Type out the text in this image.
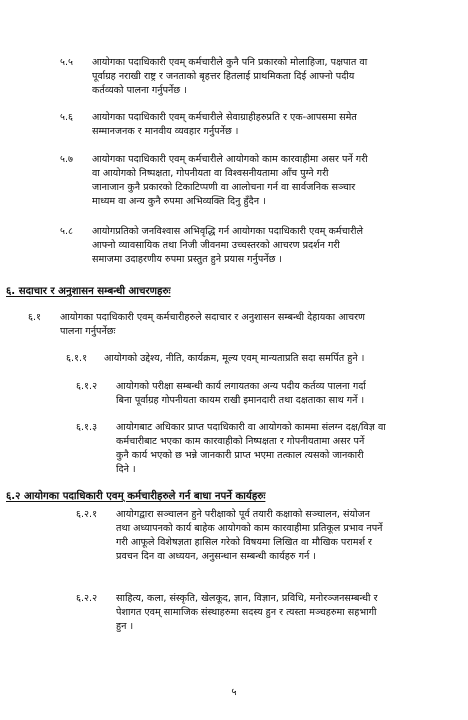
५.५ आयोगका पदाधिकारी एवम् कर्मचारीले कुनै पनि प्रकारको मोलाहिजा, पक्षपात वा
पूर्वाग्रह नराखी राष्ट्र र जनताको बृहत्तर हितलाई प्राथमिकता दिई आफ्नो पदीय
कर्तव्यको पालना गर्नुपर्नेछ ।
५.६ आयोगका पदाधिकारी एवम् कर्मचारीले सेवाग्राहीहरुप्रति र एक-आपसमा समेत
सम्मानजनक र मानवीय व्यवहार गर्नुपर्नेछ ।
५.७ आयोगका पदाधिकारी एवम् कर्मचारीले आयोगको काम कारवाहीमा असर पर्ने गरी
वा आयोगको निष्पक्षता, गोपनीयता वा विश्वसनीयतामा आँच पुग्ने गरी
जानाजान कुनै प्रकारको टिकाटिप्पणी वा आलोचना गर्न वा सार्वजनिक सञ्चार
माध्यम वा अन्य कुनै रुपमा अभिव्यक्ति दिनु हुँदैन ।
५.८ आयोगप्रतिको जनविश्वास अभिवृद्धि गर्न आयोगका पदाधिकारी एवम् कर्मचारीले
आफ्नो व्यावसायिक तथा निजी जीवनमा उच्चस्तरको आचरण प्रदर्शन गरी
समाजमा उदाहरणीय रुपमा प्रस्तुत हुने प्रयास गर्नुपर्नेछ ।
६. सदाचार र अनुशासन सम्बन्धी आचरणहरुः
६.१ आयोगका पदाधिकारी एवम् कर्मचारीहरुले सदाचार र अनुशासन सम्बन्धी देहायका आचरण
पालना गर्नुपर्नेछः
६.१.१ आयोगको उद्देश्य, नीति, कार्यक्रम, मूल्य एवम् मान्यताप्रति सदा समर्पित हुने ।
६.१.२ आयोगको परीक्षा सम्बन्धी कार्य लगायतका अन्य पदीय कर्तव्य पालना गर्दा
बिना पूर्वाग्रह गोपनीयता कायम राखी इमानदारी तथा दक्षताका साथ गर्ने ।
६.१.३ आयोगबाट अधिकार प्राप्त पदाधिकारी वा आयोगको काममा संलग्न दक्ष/विज्ञ वा
कर्मचारीबाट भएका काम कारवाहीको निष्पक्षता र गोपनीयतामा असर पर्ने
कुनै कार्य भएको छ भन्ने जानकारी प्राप्त भएमा तत्काल त्यसको जानकारी
दिने ।
६.२ आयोगका पदाधिकारी एवम् कर्मचारीहरुले गर्न बाधा नपर्ने कार्यहरुः
६.२.१ आयोगद्वारा सञ्चालन हुने परीक्षाको पूर्व तयारी कक्षाको सञ्चालन, संयोजन
तथा अध्यापनको कार्य बाहेक आयोगको काम कारवाहीमा प्रतिकूल प्रभाव नपर्ने
गरी आफूले विशेषज्ञता हासिल गरेको विषयमा लिखित वा मौखिक परामर्श र
प्रवचन दिन वा अध्ययन, अनुसन्धान सम्बन्धी कार्यहरु गर्न ।
६.२.२ साहित्य, कला, संस्कृति, खेलकूद, ज्ञान, विज्ञान, प्रविधि, मनोरञ्जनसम्बन्धी र
पेशागत एवम् सामाजिक संस्थाहरुमा सदस्य हुन र त्यस्ता मञ्चहरुमा सहभागी
हुन ।
५
